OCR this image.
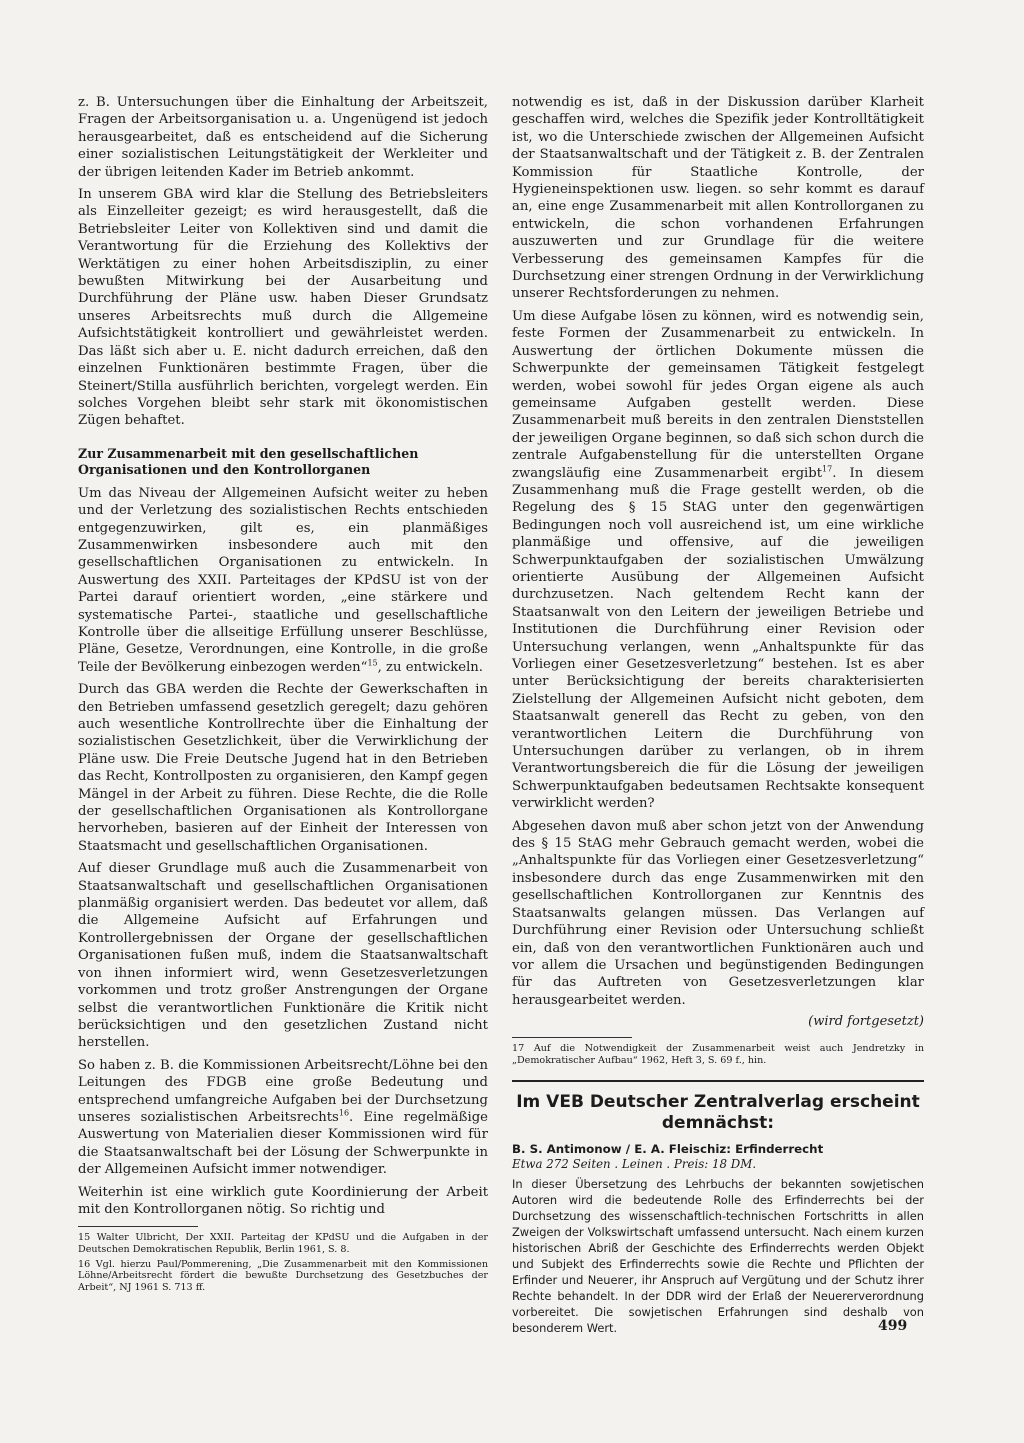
z. B. Untersuchungen über die Einhaltung der Arbeitszeit, Fragen der Arbeitsorganisation u. a. Ungenügend ist jedoch herausgearbeitet, daß es entscheidend auf die Sicherung einer sozialistischen Leitungstätigkeit der Werkleiter und der übrigen leitenden Kader im Betrieb ankommt.

In unserem GBA wird klar die Stellung des Betriebsleiters als Einzelleiter gezeigt; es wird herausgestellt, daß die Betriebsleiter Leiter von Kollektiven sind und damit die Verantwortung für die Erziehung des Kollektivs der Werktätigen zu einer hohen Arbeitsdisziplin, zu einer bewußten Mitwirkung bei der Ausarbeitung und Durchführung der Pläne usw. haben Dieser Grundsatz unseres Arbeitsrechts muß durch die Allgemeine Aufsichtstätigkeit kontrolliert und gewährleistet werden. Das läßt sich aber u. E. nicht dadurch erreichen, daß den einzelnen Funktionären bestimmte Fragen, über die Steinert/Stilla ausführlich berichten, vorgelegt werden. Ein solches Vorgehen bleibt sehr stark mit ökonomistischen Zügen behaftet.

Zur Zusammenarbeit mit den gesellschaftlichen Organisationen und den Kontrollorganen

Um das Niveau der Allgemeinen Aufsicht weiter zu heben und der Verletzung des sozialistischen Rechts entschieden entgegenzuwirken, gilt es, ein planmäßiges Zusammenwirken insbesondere auch mit den gesellschaftlichen Organisationen zu entwickeln. In Auswertung des XXII. Parteitages der KPdSU ist von der Partei darauf orientiert worden, „eine stärkere und systematische Partei-, staatliche und gesellschaftliche Kontrolle über die allseitige Erfüllung unserer Beschlüsse, Pläne, Gesetze, Verordnungen, eine Kontrolle, in die große Teile der Bevölkerung einbezogen werden“$^{15}$, zu entwickeln.

Durch das GBA werden die Rechte der Gewerkschaften in den Betrieben umfassend gesetzlich geregelt; dazu gehören auch wesentliche Kontrollrechte über die Einhaltung der sozialistischen Gesetzlichkeit, über die Verwirklichung der Pläne usw. Die Freie Deutsche Jugend hat in den Betrieben das Recht, Kontrollposten zu organisieren, den Kampf gegen Mängel in der Arbeit zu führen. Diese Rechte, die die Rolle der gesellschaftlichen Organisationen als Kontrollorgane hervorheben, basieren auf der Einheit der Interessen von Staatsmacht und gesellschaftlichen Organisationen.

Auf dieser Grundlage muß auch die Zusammenarbeit von Staatsanwaltschaft und gesellschaftlichen Organisationen planmäßig organisiert werden. Das bedeutet vor allem, daß die Allgemeine Aufsicht auf Erfahrungen und Kontrollergebnissen der Organe der gesellschaftlichen Organisationen fußen muß, indem die Staatsanwaltschaft von ihnen informiert wird, wenn Gesetzesverletzungen vorkommen und trotz großer Anstrengungen der Organe selbst die verantwortlichen Funktionäre die Kritik nicht berücksichtigen und den gesetzlichen Zustand nicht herstellen.

So haben z. B. die Kommissionen Arbeitsrecht/Löhne bei den Leitungen des FDGB eine große Bedeutung und entsprechend umfangreiche Aufgaben bei der Durchsetzung unseres sozialistischen Arbeitsrechts$^{16}$. Eine regelmäßige Auswertung von Materialien dieser Kommissionen wird für die Staatsanwaltschaft bei der Lösung der Schwerpunkte in der Allgemeinen Aufsicht immer notwendiger.

Weiterhin ist eine wirklich gute Koordinierung der Arbeit mit den Kontrollorganen nötig. So richtig und

15 Walter Ulbricht, Der XXII. Parteitag der KPdSU und die Aufgaben in der Deutschen Demokratischen Republik, Berlin 1961, S. 8.

16 Vgl. hierzu Paul/Pommerening, „Die Zusammenarbeit mit den Kommissionen Löhne/Arbeitsrecht fördert die bewußte Durchsetzung des Gesetzbuches der Arbeit“, NJ 1961 S. 713 ff.

notwendig es ist, daß in der Diskussion darüber Klarheit geschaffen wird, welches die Spezifik jeder Kontrolltätigkeit ist, wo die Unterschiede zwischen der Allgemeinen Aufsicht der Staatsanwaltschaft und der Tätigkeit z. B. der Zentralen Kommission für Staatliche Kontrolle, der Hygieneinspektionen usw. liegen. so sehr kommt es darauf an, eine enge Zusammenarbeit mit allen Kontrollorganen zu entwickeln, die schon vorhandenen Erfahrungen auszuwerten und zur Grundlage für die weitere Verbesserung des gemeinsamen Kampfes für die Durchsetzung einer strengen Ordnung in der Verwirklichung unserer Rechtsforderungen zu nehmen.

Um diese Aufgabe lösen zu können, wird es notwendig sein, feste Formen der Zusammenarbeit zu entwickeln. In Auswertung der örtlichen Dokumente müssen die Schwerpunkte der gemeinsamen Tätigkeit festgelegt werden, wobei sowohl für jedes Organ eigene als auch gemeinsame Aufgaben gestellt werden. Diese Zusammenarbeit muß bereits in den zentralen Dienststellen der jeweiligen Organe beginnen, so daß sich schon durch die zentrale Aufgabenstellung für die unterstellten Organe zwangsläufig eine Zusammenarbeit ergibt$^{17}$. In diesem Zusammenhang muß die Frage gestellt werden, ob die Regelung des § 15 StAG unter den gegenwärtigen Bedingungen noch voll ausreichend ist, um eine wirkliche planmäßige und offensive, auf die jeweiligen Schwerpunktaufgaben der sozialistischen Umwälzung orientierte Ausübung der Allgemeinen Aufsicht durchzusetzen. Nach geltendem Recht kann der Staatsanwalt von den Leitern der jeweiligen Betriebe und Institutionen die Durchführung einer Revision oder Untersuchung verlangen, wenn „Anhaltspunkte für das Vorliegen einer Gesetzesverletzung“ bestehen. Ist es aber unter Berücksichtigung der bereits charakterisierten Zielstellung der Allgemeinen Aufsicht nicht geboten, dem Staatsanwalt generell das Recht zu geben, von den verantwortlichen Leitern die Durchführung von Untersuchungen darüber zu verlangen, ob in ihrem Verantwortungsbereich die für die Lösung der jeweiligen Schwerpunktaufgaben bedeutsamen Rechtsakte konsequent verwirklicht werden?

Abgesehen davon muß aber schon jetzt von der Anwendung des § 15 StAG mehr Gebrauch gemacht werden, wobei die „Anhaltspunkte für das Vorliegen einer Gesetzesverletzung“ insbesondere durch das enge Zusammenwirken mit den gesellschaftlichen Kontrollorganen zur Kenntnis des Staatsanwalts gelangen müssen. Das Verlangen auf Durchführung einer Revision oder Untersuchung schließt ein, daß von den verantwortlichen Funktionären auch und vor allem die Ursachen und begünstigenden Bedingungen für das Auftreten von Gesetzesverletzungen klar herausgearbeitet werden.

(wird fortgesetzt)

17 Auf die Notwendigkeit der Zusammenarbeit weist auch Jendretzky in „Demokratischer Aufbau“ 1962, Heft 3, S. 69 f., hin.

Im VEB Deutscher Zentralverlag erscheint demnächst:

B. S. Antimonow / E. A. Fleischiz: Erfinderrecht

Etwa 272 Seiten . Leinen . Preis: 18 DM.

In dieser Übersetzung des Lehrbuchs der bekannten sowjetischen Autoren wird die bedeutende Rolle des Erfinderrechts bei der Durchsetzung des wissenschaftlich-technischen Fortschritts in allen Zweigen der Volkswirtschaft umfassend untersucht. Nach einem kurzen historischen Abriß der Geschichte des Erfinderrechts werden Objekt und Subjekt des Erfinderrechts sowie die Rechte und Pflichten der Erfinder und Neuerer, ihr Anspruch auf Vergütung und der Schutz ihrer Rechte behandelt. In der DDR wird der Erlaß der Neuererverordnung vorbereitet. Die sowjetischen Erfahrungen sind deshalb von besonderem Wert.	499
